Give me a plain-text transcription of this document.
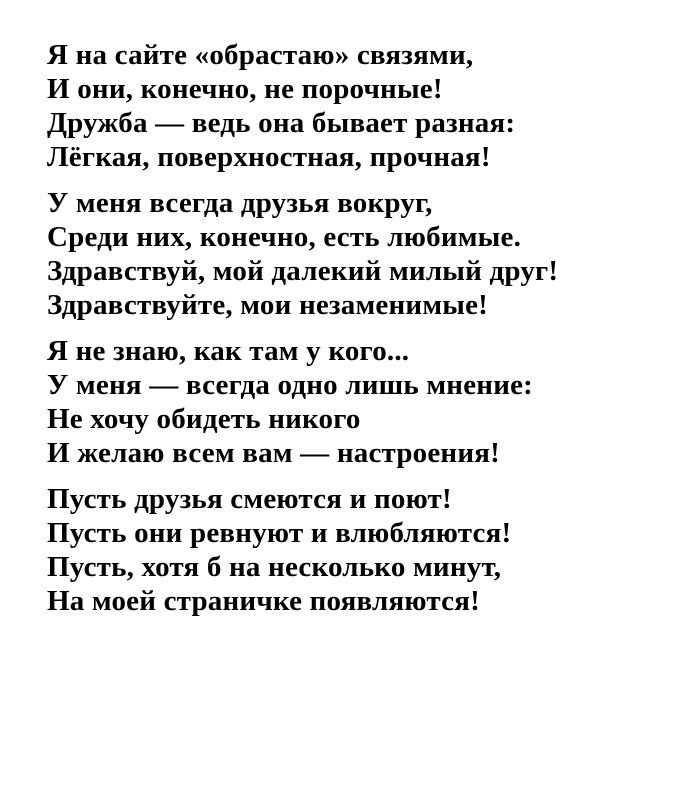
Я на сайте «обрастаю» связями,
И они, конечно, не порочные!
Дружба — ведь она бывает разная:
Лёгкая, поверхностная, прочная!
У меня всегда друзья вокруг,
Среди них, конечно, есть любимые.
Здравствуй, мой далекий милый друг!
Здравствуйте, мои незаменимые!
Я не знаю, как там у кого...
У меня — всегда одно лишь мнение:
Не хочу обидеть никого
И желаю всем вам — настроения!
Пусть друзья смеются и поют!
Пусть они ревнуют и влюбляются!
Пусть, хотя б на несколько минут,
На моей страничке появляются!
